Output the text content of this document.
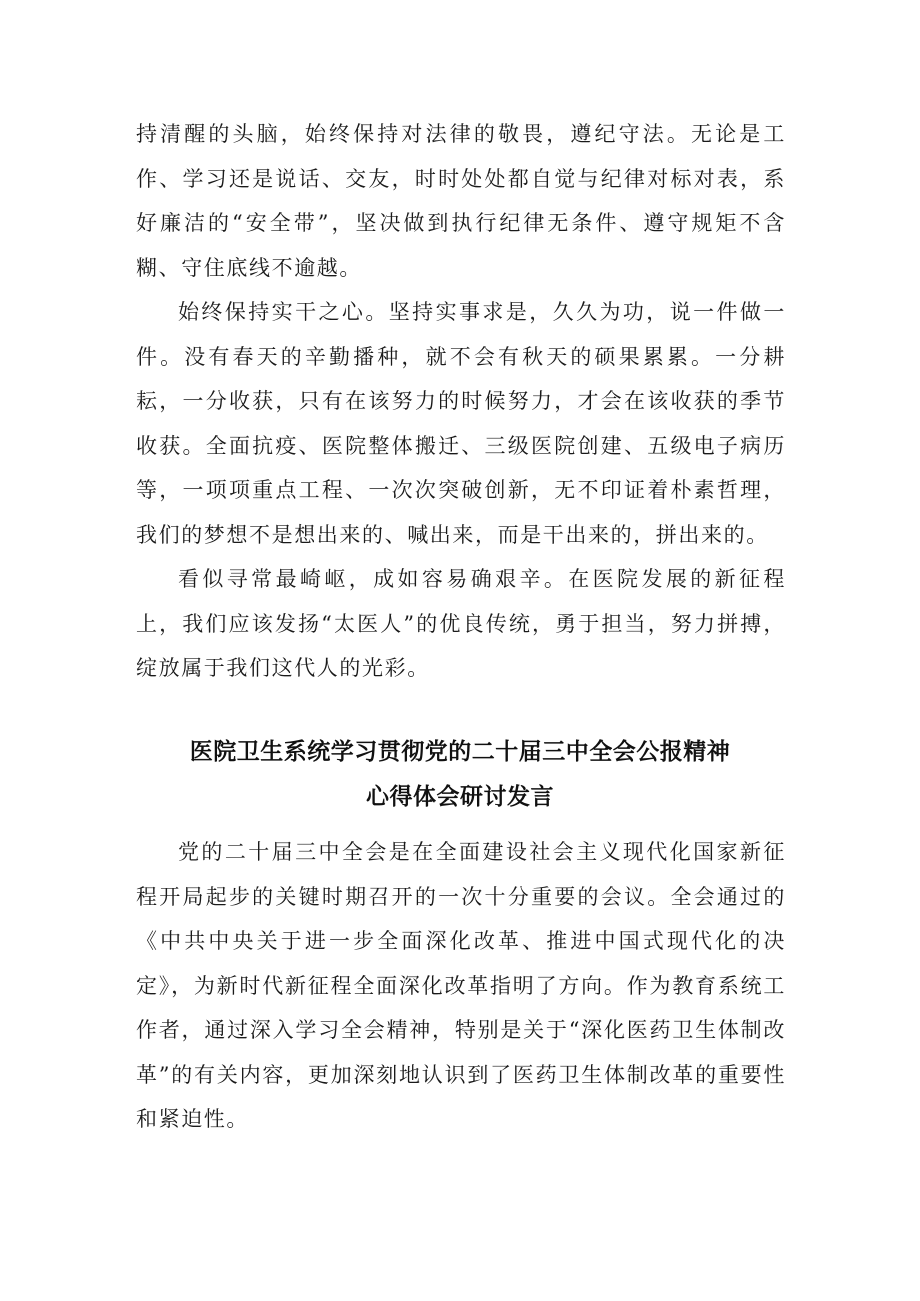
持清醒的头脑，始终保持对法律的敬畏，遵纪守法。无论是工作、学习还是说话、交友，时时处处都自觉与纪律对标对表，系好廉洁的“安全带”，坚决做到执行纪律无条件、遵守规矩不含糊、守住底线不逾越。

始终保持实干之心。坚持实事求是，久久为功，说一件做一件。没有春天的辛勤播种，就不会有秋天的硕果累累。一分耕耘，一分收获，只有在该努力的时候努力，才会在该收获的季节收获。全面抗疫、医院整体搬迁、三级医院创建、五级电子病历等，一项项重点工程、一次次突破创新，无不印证着朴素哲理，我们的梦想不是想出来的、喊出来，而是干出来的，拼出来的。

看似寻常最崎岖，成如容易确艰辛。在医院发展的新征程上，我们应该发扬“太医人”的优良传统，勇于担当，努力拼搏，绽放属于我们这代人的光彩。

医院卫生系统学习贯彻党的二十届三中全会公报精神
心得体会研讨发言

党的二十届三中全会是在全面建设社会主义现代化国家新征程开局起步的关键时期召开的一次十分重要的会议。全会通过的《中共中央关于进一步全面深化改革、推进中国式现代化的决定》，为新时代新征程全面深化改革指明了方向。作为教育系统工作者，通过深入学习全会精神，特别是关于“深化医药卫生体制改革”的有关内容，更加深刻地认识到了医药卫生体制改革的重要性和紧迫性。
